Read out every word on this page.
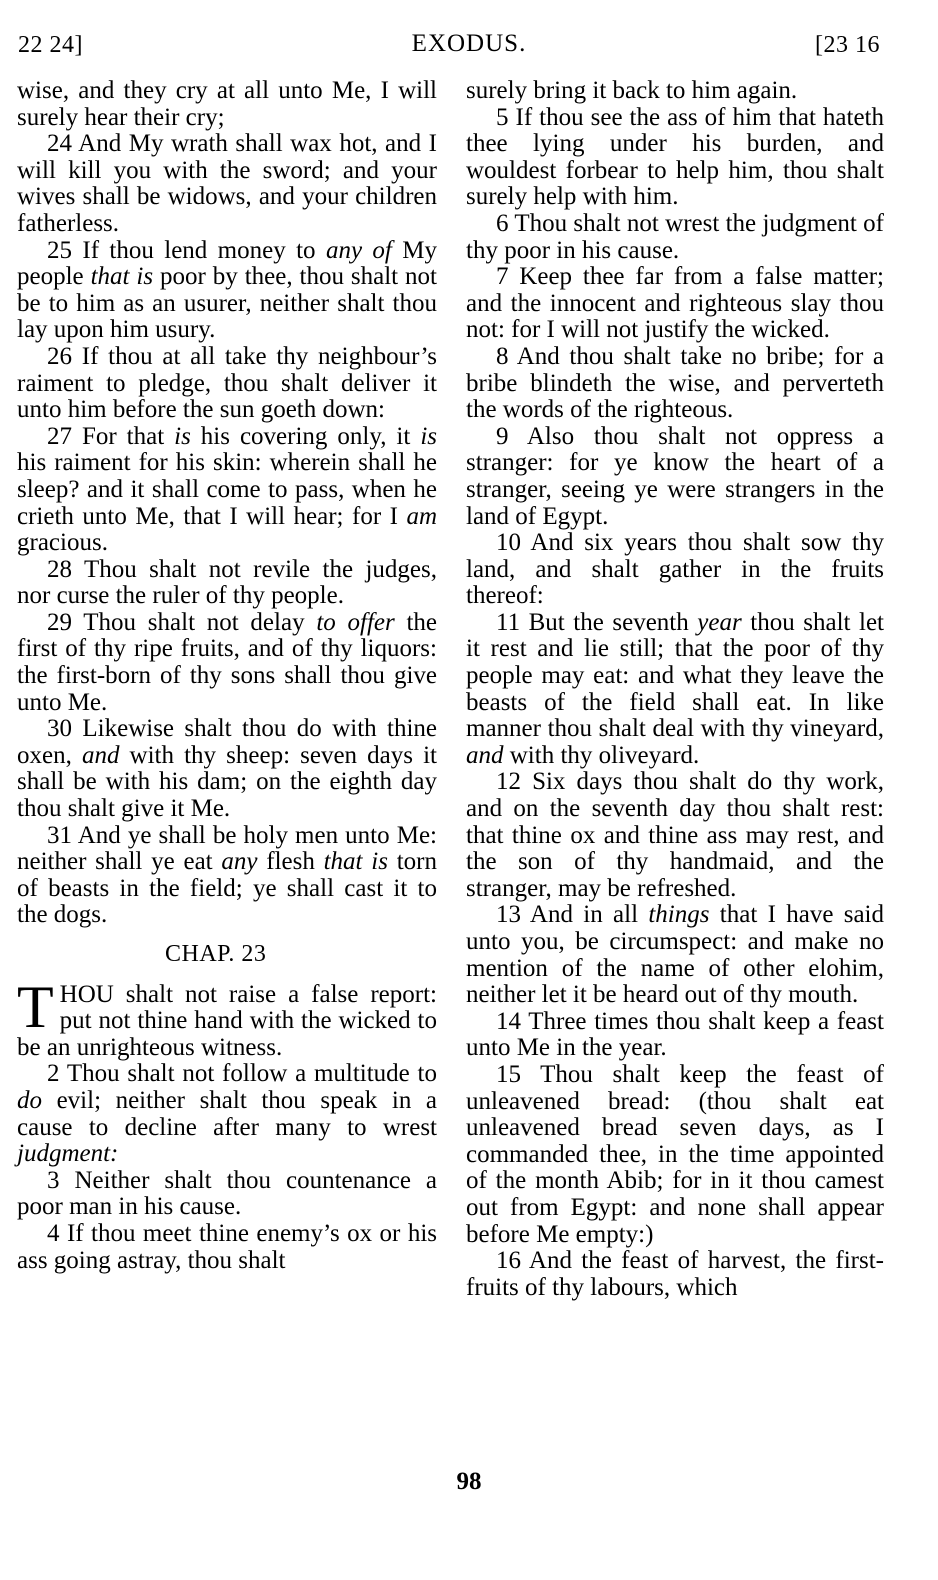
22 24]	EXODUS.	[23 16

wise, and they cry at all unto Me, I will surely hear their cry;

24 And My wrath shall wax hot, and I will kill you with the sword; and your wives shall be widows, and your children fatherless.

25 If thou lend money to any of My people that is poor by thee, thou shalt not be to him as an usurer, neither shalt thou lay upon him usury.

26 If thou at all take thy neighbour’s raiment to pledge, thou shalt deliver it unto him before the sun goeth down:

27 For that is his covering only, it is his raiment for his skin: wherein shall he sleep? and it shall come to pass, when he crieth unto Me, that I will hear; for I am gracious.

28 Thou shalt not revile the judges, nor curse the ruler of thy people.

29 Thou shalt not delay to offer the first of thy ripe fruits, and of thy liquors: the first-born of thy sons shall thou give unto Me.

30 Likewise shalt thou do with thine oxen, and with thy sheep: seven days it shall be with his dam; on the eighth day thou shalt give it Me.

31 And ye shall be holy men unto Me: neither shall ye eat any flesh that is torn of beasts in the field; ye shall cast it to the dogs.

CHAP. 23

THOU shalt not raise a false report: put not thine hand with the wicked to be an unrighteous witness.

2 Thou shalt not follow a multitude to do evil; neither shalt thou speak in a cause to decline after many to wrest judgment:

3 Neither shalt thou countenance a poor man in his cause.

4 If thou meet thine enemy’s ox or his ass going astray, thou shalt

surely bring it back to him again.

5 If thou see the ass of him that hateth thee lying under his burden, and wouldest forbear to help him, thou shalt surely help with him.

6 Thou shalt not wrest the judgment of thy poor in his cause.

7 Keep thee far from a false matter; and the innocent and righteous slay thou not: for I will not justify the wicked.

8 And thou shalt take no bribe; for a bribe blindeth the wise, and perverteth the words of the righteous.

9 Also thou shalt not oppress a stranger: for ye know the heart of a stranger, seeing ye were strangers in the land of Egypt.

10 And six years thou shalt sow thy land, and shalt gather in the fruits thereof:

11 But the seventh year thou shalt let it rest and lie still; that the poor of thy people may eat: and what they leave the beasts of the field shall eat. In like manner thou shalt deal with thy vineyard, and with thy oliveyard.

12 Six days thou shalt do thy work, and on the seventh day thou shalt rest: that thine ox and thine ass may rest, and the son of thy handmaid, and the stranger, may be refreshed.

13 And in all things that I have said unto you, be circumspect: and make no mention of the name of other elohim, neither let it be heard out of thy mouth.

14 Three times thou shalt keep a feast unto Me in the year.

15 Thou shalt keep the feast of unleavened bread: (thou shalt eat unleavened bread seven days, as I commanded thee, in the time appointed of the month Abib; for in it thou camest out from Egypt: and none shall appear before Me empty:)

16 And the feast of harvest, the first-fruits of thy labours, which

98
